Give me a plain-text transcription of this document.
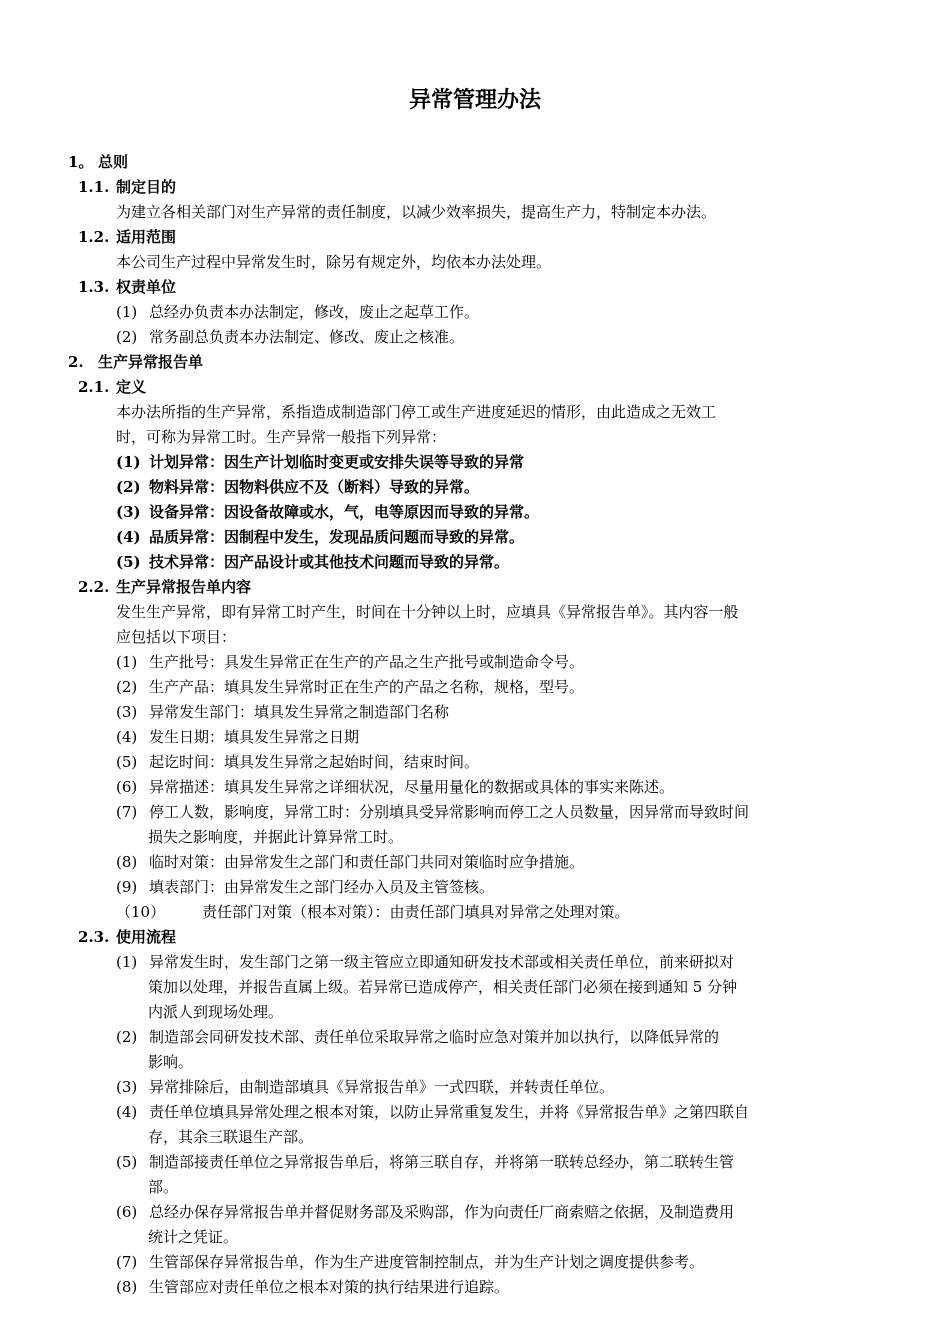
异常管理办法
1。 总则
1.1. 制定目的
为建立各相关部门对生产异常的责任制度，以减少效率损失，提高生产力，特制定本办法。
1.2. 适用范围
本公司生产过程中异常发生时，除另有规定外，均依本办法处理。
1.3. 权责单位
(1) 总经办负责本办法制定，修改，废止之起草工作。
(2) 常务副总负责本办法制定、修改、废止之核准。
2. 生产异常报告单
2.1. 定义
本办法所指的生产异常，系指造成制造部门停工或生产进度延迟的情形，由此造成之无效工
时，可称为异常工时。生产异常一般指下列异常：
(1) 计划异常：因生产计划临时变更或安排失误等导致的异常
(2) 物料异常：因物料供应不及（断料）导致的异常。
(3) 设备异常：因设备故障或水，气，电等原因而导致的异常。
(4) 品质异常：因制程中发生，发现品质问题而导致的异常。
(5) 技术异常：因产品设计或其他技术问题而导致的异常。
2.2. 生产异常报告单内容
发生生产异常，即有异常工时产生，时间在十分钟以上时，应填具《异常报告单》。其内容一般
应包括以下项目：
(1) 生产批号：具发生异常正在生产的产品之生产批号或制造命令号。
(2) 生产产品：填具发生异常时正在生产的产品之名称，规格，型号。
(3) 异常发生部门：填具发生异常之制造部门名称
(4) 发生日期：填具发生异常之日期
(5) 起讫时间：填具发生异常之起始时间，结束时间。
(6) 异常描述：填具发生异常之详细状况，尽量用量化的数据或具体的事实来陈述。
(7) 停工人数，影响度，异常工时：分别填具受异常影响而停工之人员数量，因异常而导致时间
损失之影响度，并据此计算异常工时。
(8) 临时对策：由异常发生之部门和责任部门共同对策临时应争措施。
(9) 填表部门：由异常发生之部门经办入员及主管签核。
（10） 责任部门对策（根本对策）：由责任部门填具对异常之处理对策。
2.3. 使用流程
(1) 异常发生时，发生部门之第一级主管应立即通知研发技术部或相关责任单位，前来研拟对
策加以处理，并报告直属上级。若异常已造成停产，相关责任部门必须在接到通知 5 分钟
内派人到现场处理。
(2) 制造部会同研发技术部、责任单位采取异常之临时应急对策并加以执行，以降低异常的
影响。
(3) 异常排除后，由制造部填具《异常报告单》一式四联，并转责任单位。
(4) 责任单位填具异常处理之根本对策，以防止异常重复发生，并将《异常报告单》之第四联自
存，其余三联退生产部。
(5) 制造部接责任单位之异常报告单后，将第三联自存，并将第一联转总经办，第二联转生管
部。
(6) 总经办保存异常报告单并督促财务部及采购部，作为向责任厂商索赔之依据，及制造费用
统计之凭证。
(7) 生管部保存异常报告单，作为生产进度管制控制点，并为生产计划之调度提供参考。
(8) 生管部应对责任单位之根本对策的执行结果进行追踪。
